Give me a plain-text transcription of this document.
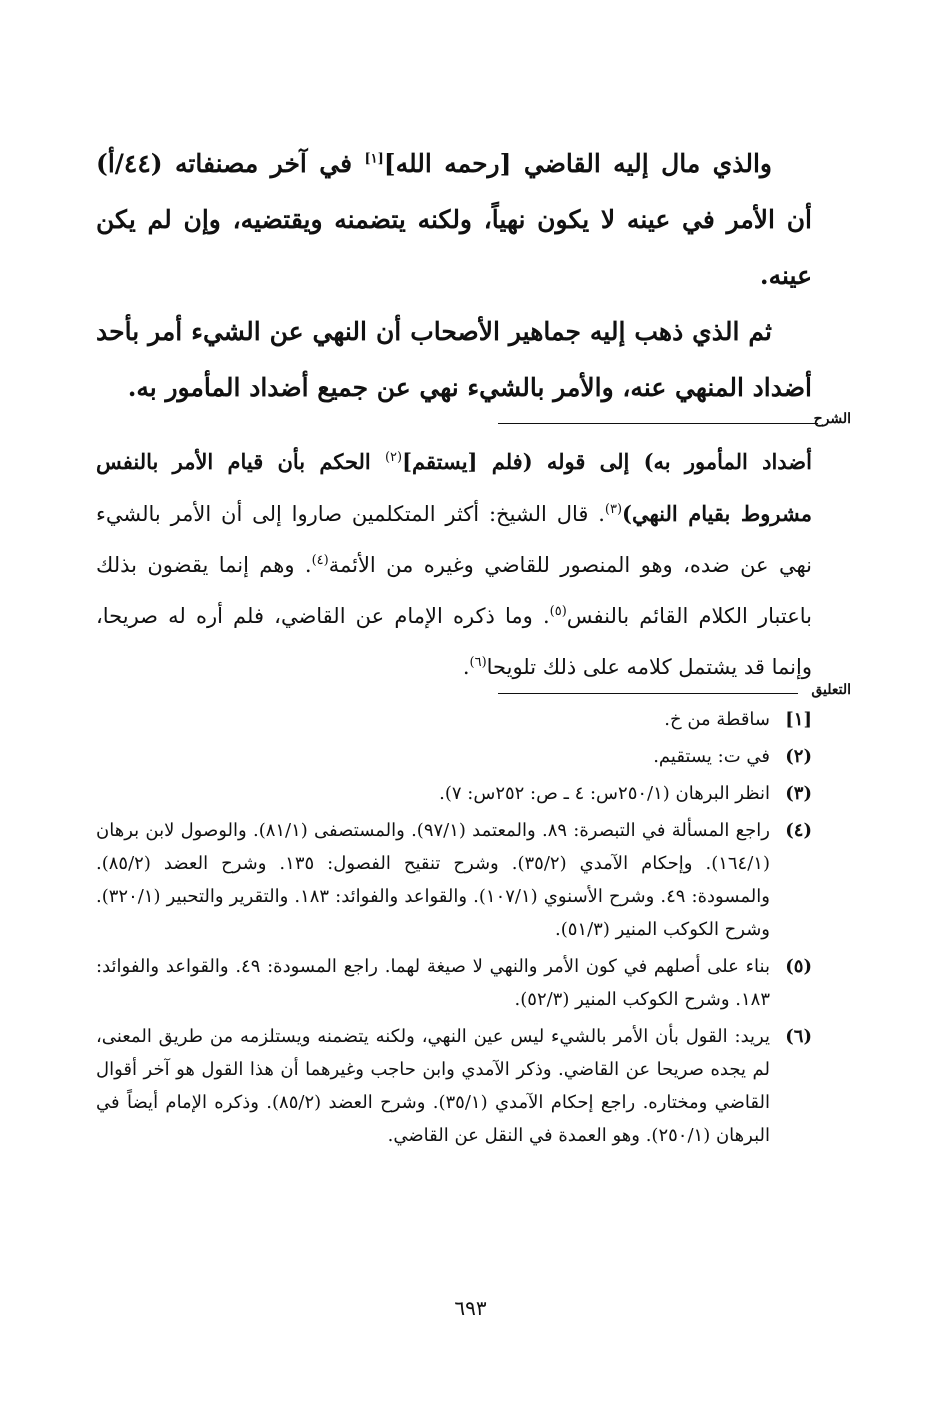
والذي مال إليه القاضي [رحمه الله][١] في آخر مصنفاته (٤٤/أ) أن الأمر في عينه لا يكون نهياً، ولكنه يتضمنه ويقتضيه، وإن لم يكن عينه.

ثم الذي ذهب إليه جماهير الأصحاب أن النهي عن الشيء أمر بأحد أضداد المنهي عنه، والأمر بالشيء نهي عن جميع أضداد المأمور به.

الشرح

أضداد المأمور به) إلى قوله (فلم [يستقم]$^{(٢)}$ الحكم بأن قيام الأمر بالنفس مشروط بقيام النهي)$^{(٣)}$. قال الشيخ: أكثر المتكلمين صاروا إلى أن الأمر بالشيء نهي عن ضده، وهو المنصور للقاضي وغيره من الأئمة$^{(٤)}$. وهم إنما يقضون بذلك باعتبار الكلام القائم بالنفس$^{(٥)}$. وما ذكره الإمام عن القاضي، فلم أره له صريحا، وإنما قد يشتمل كلامه على ذلك تلويحا$^{(٦)}$.

التعليق
[١]
ساقطة من خ.
(٢)
في ت: يستقيم.
(٣)
انظر البرهان (٢٥٠/١س: ٤ ـ ص: ٢٥٢س: ٧).
(٤)
راجع المسألة في التبصرة: ٨٩. والمعتمد (٩٧/١). والمستصفى (٨١/١). والوصول لابن برهان (١٦٤/١). وإحكام الآمدي (٣٥/٢). وشرح تنقيح الفصول: ١٣٥. وشرح العضد (٨٥/٢). والمسودة: ٤٩. وشرح الأسنوي (١٠٧/١). والقواعد والفوائد: ١٨٣. والتقرير والتحبير (٣٢٠/١). وشرح الكوكب المنير (٥١/٣).
(٥)
بناء على أصلهم في كون الأمر والنهي لا صيغة لهما. راجع المسودة: ٤٩. والقواعد والفوائد: ١٨٣. وشرح الكوكب المنير (٥٢/٣).
(٦)
يريد: القول بأن الأمر بالشيء ليس عين النهي، ولكنه يتضمنه ويستلزمه من طريق المعنى، لم يجده صريحا عن القاضي. وذكر الآمدي وابن حاجب وغيرهما أن هذا القول هو آخر أقوال القاضي ومختاره. راجع إحكام الآمدي (٣٥/١). وشرح العضد (٨٥/٢). وذكره الإمام أيضاً في البرهان (٢٥٠/١). وهو العمدة في النقل عن القاضي.
٦٩٣
